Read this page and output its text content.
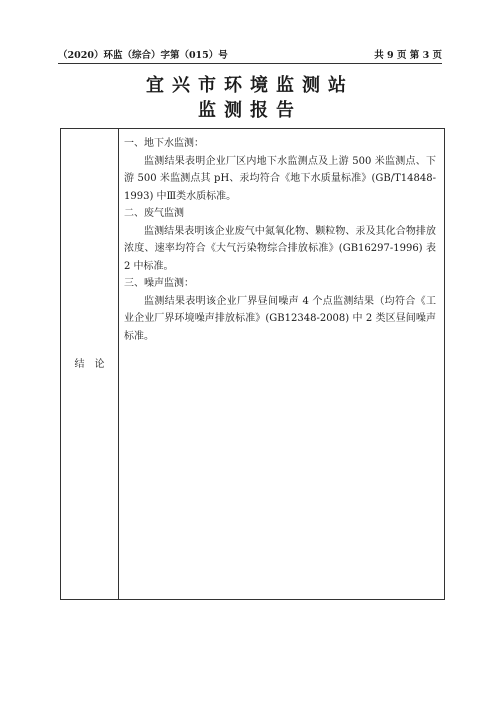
（2020）环监（综合）字第（015）号	共 9 页 第 3 页
宜兴市环境监测站
监测报告
结论

一、地下水监测：

监测结果表明企业厂区内地下水监测点及上游 500 米监测点、下游 500 米监测点其 pH、汞均符合《地下水质量标准》(GB/T14848-1993) 中Ⅲ类水质标准。

二、废气监测

监测结果表明该企业废气中氮氧化物、颗粒物、汞及其化合物排放浓度、速率均符合《大气污染物综合排放标准》(GB16297-1996) 表 2 中标准。

三、噪声监测：

监测结果表明该企业厂界昼间噪声 4 个点监测结果（均符合《工业企业厂界环境噪声排放标准》(GB12348-2008) 中 2 类区昼间噪声标准。
